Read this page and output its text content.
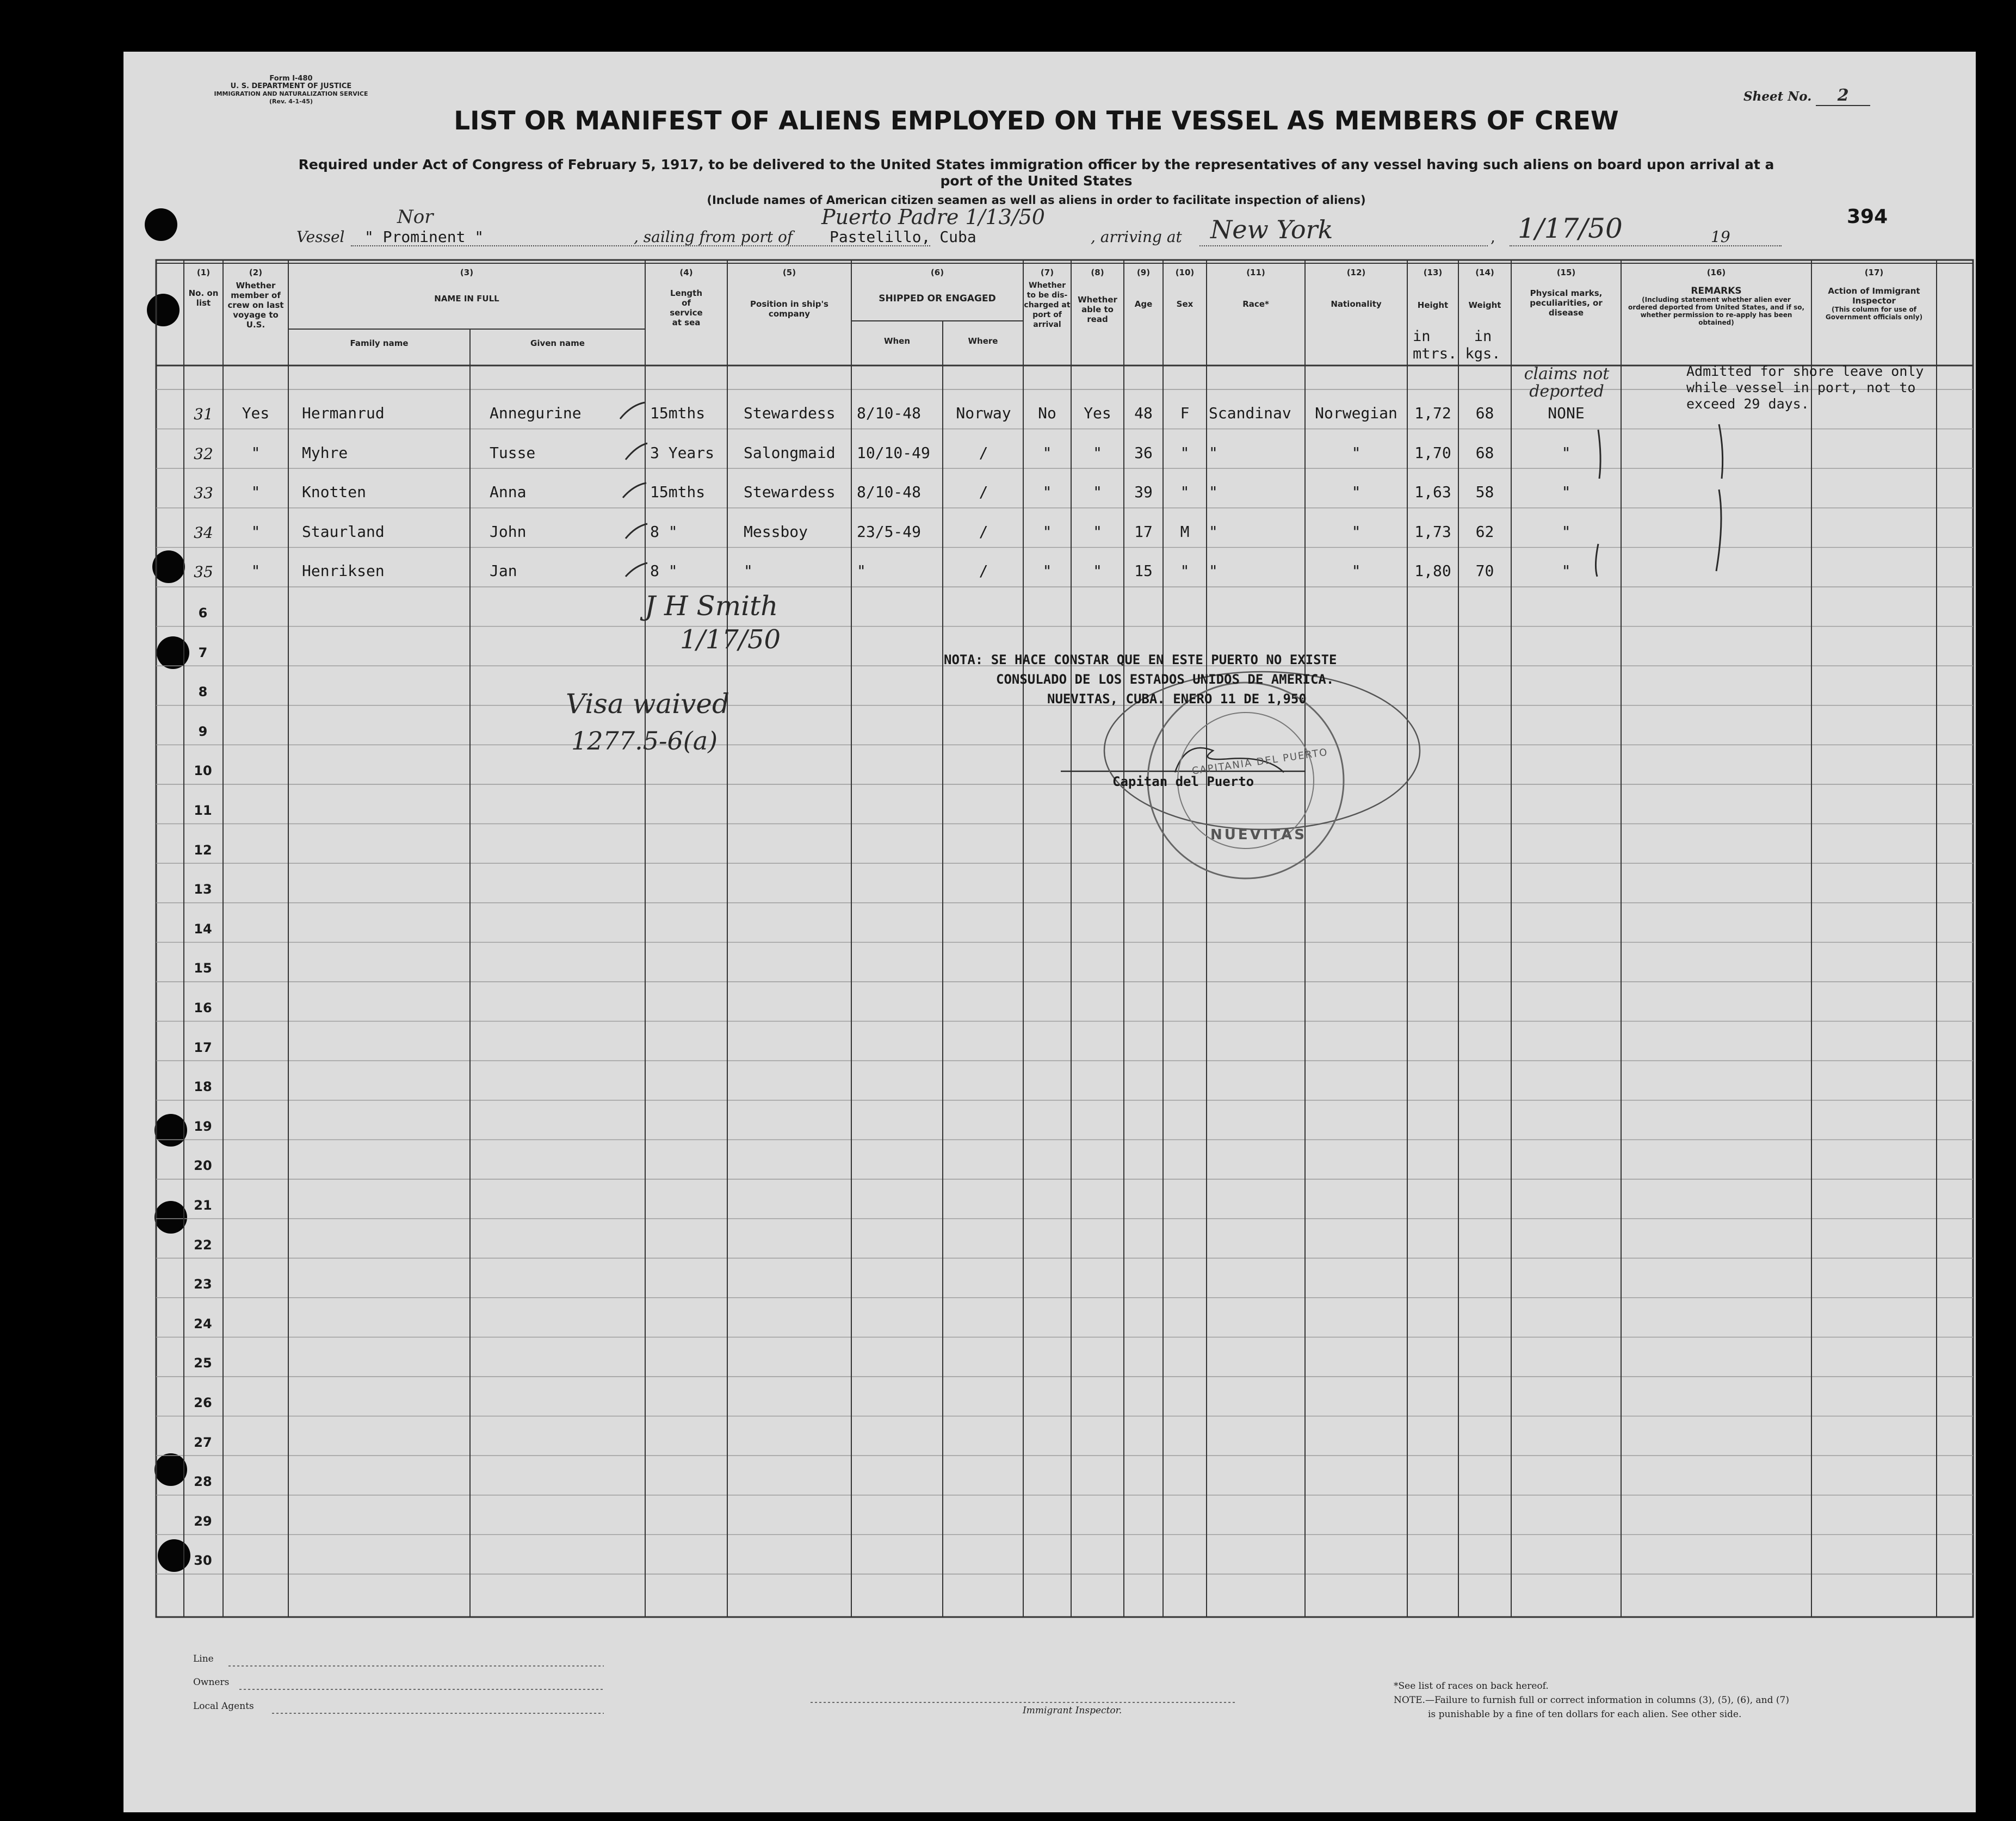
Form I-480
U. S. DEPARTMENT OF JUSTICE
IMMIGRATION AND NATURALIZATION SERVICE
(Rev. 4-1-45)	Sheet No. 2
LIST OR MANIFEST OF ALIENS EMPLOYED ON THE VESSEL AS MEMBERS OF CREW
Required under Act of Congress of February 5, 1917, to be delivered to the United States immigration officer by the representatives of any vessel having such aliens on board upon arrival at a
port of the United States
(Include names of American citizen seamen as well as aliens in order to facilitate inspection of aliens)
394
Vessel
Nor
" Prominent "	, sailing from port of
Puerto Padre 1/13/50
Pastelillo, Cuba	, arriving at New York	, 1/17/50	19
(1)
No. on list
(2)
Whether member of crew on last voyage to U.S.
(3)
NAME IN FULL
Family name	Given name
(4)
Length of service at sea
(5)
Position in ship's company
(6)
SHIPPED OR ENGAGED
When	Where
(7)
Whether to be dis-charged at port of arrival
(8)
Whether able to read
(9)
Age
(10)
Sex
(11)
Race*
(12)
Nationality
(13)
Height
in mtrs.
(14)
Weight
in kgs.
(15)
Physical marks, peculiarities, or disease
(16)
REMARKS
(Including statement whether alien ever ordered deported from United States, and if so, whether permission to re-apply has been obtained)
(17)
Action of Immigrant Inspector
(This column for use of Government officials only)
31	Yes	Hermanrud	Annegurine	15mths	Stewardess	8/10-48	Norway	No	Yes	48	F	Scandinav	Norwegian	1,72	68	NONE
32	"	Myhre	Tusse	3 Years	Salongmaid	10/10-49	/	"	"	36	"	"	"	1,70	68	"
33	"	Knotten	Anna	15mths	Stewardess	8/10-48	/	"	"	39	"	"	"	1,63	58	"
34	"	Staurland	John	8 "	Messboy	23/5-49	/	"	"	17	M	"	"	1,73	62	"
35	"	Henriksen	Jan	8 "	"	"	/	"	"	15	"	"	"	1,80	70	"
6
7
8
9
10
11
12
13
14
15
16
17
18
19
20
21
22
23
24
25
26
27
28
29
30
Admitted for shore leave only
while vessel in port, not to
exceed 29 days.
claims not
deported
J H Smith
1/17/50
Visa waived
1277.5-6(a)
NOTA: SE HACE CONSTAR QUE EN ESTE PUERTO NO EXISTE
CONSULADO DE LOS ESTADOS UNIDOS DE AMERICA.
NUEVITAS, CUBA. ENERO 11 DE 1,950
Capitan del Puerto
CAPITANIA DEL PUERTO
NUEVITAS
Line
Owners
Local Agents	Immigrant Inspector.
*See list of races on back hereof.
NOTE.—Failure to furnish full or correct information in columns (3), (5), (6), and (7)
is punishable by a fine of ten dollars for each alien. See other side.
